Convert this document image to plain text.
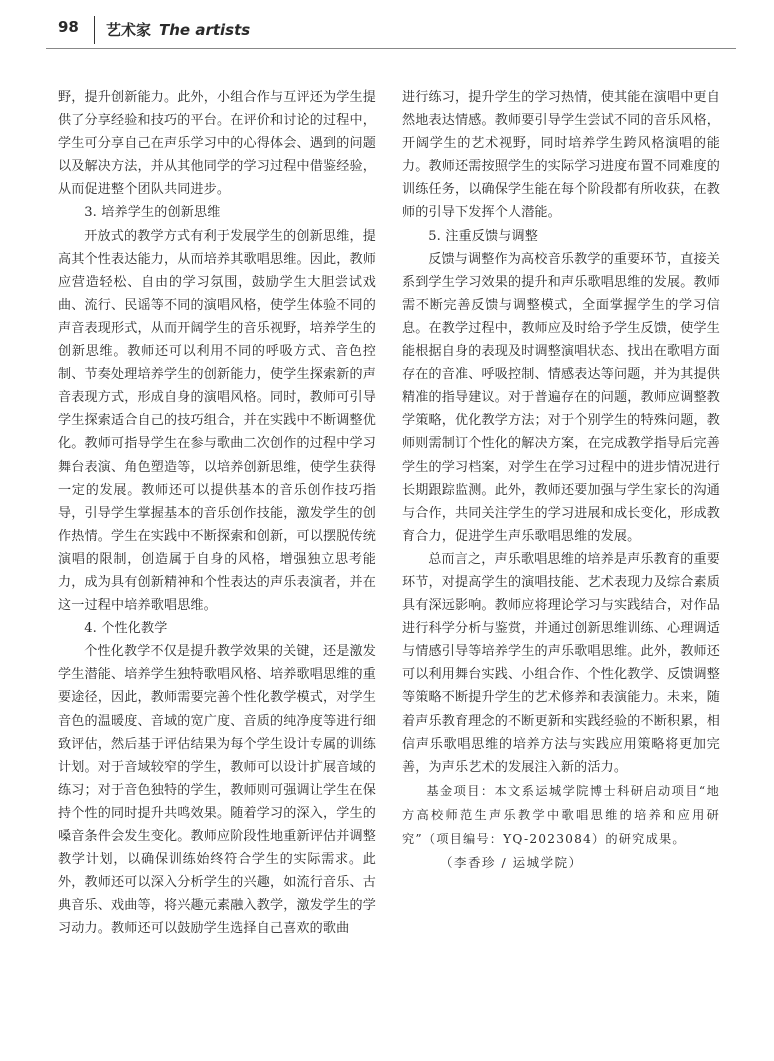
98 艺术家 The artists

野，提升创新能力。此外，小组合作与互评还为学生提供了分享经验和技巧的平台。在评价和讨论的过程中，学生可分享自己在声乐学习中的心得体会、遇到的问题以及解决方法，并从其他同学的学习过程中借鉴经验，从而促进整个团队共同进步。

3. 培养学生的创新思维

开放式的教学方式有利于发展学生的创新思维，提高其个性表达能力，从而培养其歌唱思维。因此，教师应营造轻松、自由的学习氛围，鼓励学生大胆尝试戏曲、流行、民谣等不同的演唱风格，使学生体验不同的声音表现形式，从而开阔学生的音乐视野，培养学生的创新思维。教师还可以利用不同的呼吸方式、音色控制、节奏处理培养学生的创新能力，使学生探索新的声音表现方式，形成自身的演唱风格。同时，教师可引导学生探索适合自己的技巧组合，并在实践中不断调整优化。教师可指导学生在参与歌曲二次创作的过程中学习舞台表演、角色塑造等，以培养创新思维，使学生获得一定的发展。教师还可以提供基本的音乐创作技巧指导，引导学生掌握基本的音乐创作技能，激发学生的创作热情。学生在实践中不断探索和创新，可以摆脱传统演唱的限制，创造属于自身的风格，增强独立思考能力，成为具有创新精神和个性表达的声乐表演者，并在这一过程中培养歌唱思维。

4. 个性化教学

个性化教学不仅是提升教学效果的关键，还是激发学生潜能、培养学生独特歌唱风格、培养歌唱思维的重要途径，因此，教师需要完善个性化教学模式，对学生音色的温暖度、音域的宽广度、音质的纯净度等进行细致评估，然后基于评估结果为每个学生设计专属的训练计划。对于音域较窄的学生，教师可以设计扩展音域的练习；对于音色独特的学生，教师则可强调让学生在保持个性的同时提升共鸣效果。随着学习的深入，学生的嗓音条件会发生变化。教师应阶段性地重新评估并调整教学计划，以确保训练始终符合学生的实际需求。此外，教师还可以深入分析学生的兴趣，如流行音乐、古典音乐、戏曲等，将兴趣元素融入教学，激发学生的学习动力。教师还可以鼓励学生选择自己喜欢的歌曲

进行练习，提升学生的学习热情，使其能在演唱中更自然地表达情感。教师要引导学生尝试不同的音乐风格，开阔学生的艺术视野，同时培养学生跨风格演唱的能力。教师还需按照学生的实际学习进度布置不同难度的训练任务，以确保学生能在每个阶段都有所收获，在教师的引导下发挥个人潜能。

5. 注重反馈与调整

反馈与调整作为高校音乐教学的重要环节，直接关系到学生学习效果的提升和声乐歌唱思维的发展。教师需不断完善反馈与调整模式，全面掌握学生的学习信息。在教学过程中，教师应及时给予学生反馈，使学生能根据自身的表现及时调整演唱状态、找出在歌唱方面存在的音准、呼吸控制、情感表达等问题，并为其提供精准的指导建议。对于普遍存在的问题，教师应调整教学策略，优化教学方法；对于个别学生的特殊问题，教师则需制订个性化的解决方案，在完成教学指导后完善学生的学习档案，对学生在学习过程中的进步情况进行长期跟踪监测。此外，教师还要加强与学生家长的沟通与合作，共同关注学生的学习进展和成长变化，形成教育合力，促进学生声乐歌唱思维的发展。

总而言之，声乐歌唱思维的培养是声乐教育的重要环节，对提高学生的演唱技能、艺术表现力及综合素质具有深远影响。教师应将理论学习与实践结合，对作品进行科学分析与鉴赏，并通过创新思维训练、心理调适与情感引导等培养学生的声乐歌唱思维。此外，教师还可以利用舞台实践、小组合作、个性化教学、反馈调整等策略不断提升学生的艺术修养和表演能力。未来，随着声乐教育理念的不断更新和实践经验的不断积累，相信声乐歌唱思维的培养方法与实践应用策略将更加完善，为声乐艺术的发展注入新的活力。

基金项目：本文系运城学院博士科研启动项目“地方高校师范生声乐教学中歌唱思维的培养和应用研究”（项目编号：YQ-2023084）的研究成果。

（李香珍 / 运城学院）
